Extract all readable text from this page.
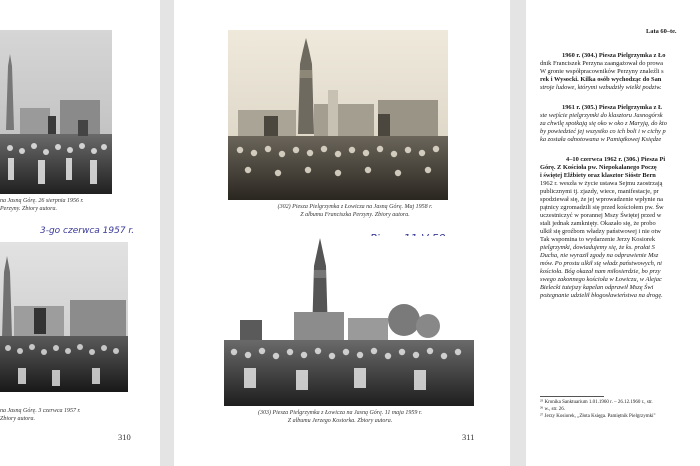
na Jasną Górę. 26 sierpnia 1956 r.
Perzyny. Zbiory autora.
3-go czerwca 1957 r.
na Jasną Górę. 3 czerwca 1957 r.
Zbiory autora.
310
(302) Piesza Pielgrzymka z Łowicza na Jasną Górę. Maj 1958 r.
Z albumu Franciszka Perzyny. Zbiory autora.
(303) Piesza Pielgrzymka z Łowicza na Jasną Górę. 11 maja 1959 r.
Z albumu Jerzego Kosiorka. Zbiory autora.
311
Lata 60–te.
1960 r. (304.) Piesza Pielgrzymka z Ło
dnik Franciszek Perzyna zaangażował do prowa
W gronie współpracowników Perzyny znaleźli s
rek i Wysocki. Kilka osób wychodząc do San
stroje ludowe, którymi wzbudziły wielki podziw.
1961 r. (305.) Piesza Pielgrzymka z Ł
ste wejście pielgrzymki do klasztoru Jasnogórsk
za chwilę spotkają się oko w oko z Maryją, do kto
by powiedzieć jej wszystko co ich boli i w cichy p
ka została odnotowana w Pamiątkowej Księdze
4–10 czerwca 1962 r. (306.) Piesza Pi
Górę. Z Kościoła pw. Niepokalanego Poczę
i świętej Elżbiety oraz klasztor Sióstr Bern
1962 r. weszła w życie ustawa Sejmu zaostrzają
publicznymi tj. zjazdy, wiece, manifestacje, pr
spodziewał się, że jej wprowadzenie wpłynie na
pątnicy zgromadzili się przed kościołem pw. Św
uczestniczyć w porannej Mszy Świętej przed w
stali jednak zamknięty. Okazało się, że probo
ulkił się groźbom władzy państwowej i nie otw
Tak wspomina to wydarzenie Jerzy Kosiorek
pielgrzymki, dowiadujemy się, że ks. prałat S
Ducha, nie wyraził zgody na odprawienie Msz
mów. Po prostu ulkił się władz państwowych, ni
kościoła. Bóg okazał nam miłosierdzie, bo przy
swego zakonnego kościoła w Łowiczu, w Alejac
Bielecki tutejszy kapelan odprawił Mszę Świ
pożegnanie udzielił błogosławieństwa na drogę.
²⁵ Kronika Sanktuarium 1.01.1960 r. – 26.12.1960 r., str.
²⁶ w., str. 26.
²⁷ Jerzy Kosiorek, „Złota Księga. Pamiętnik Pielgrzymki"
